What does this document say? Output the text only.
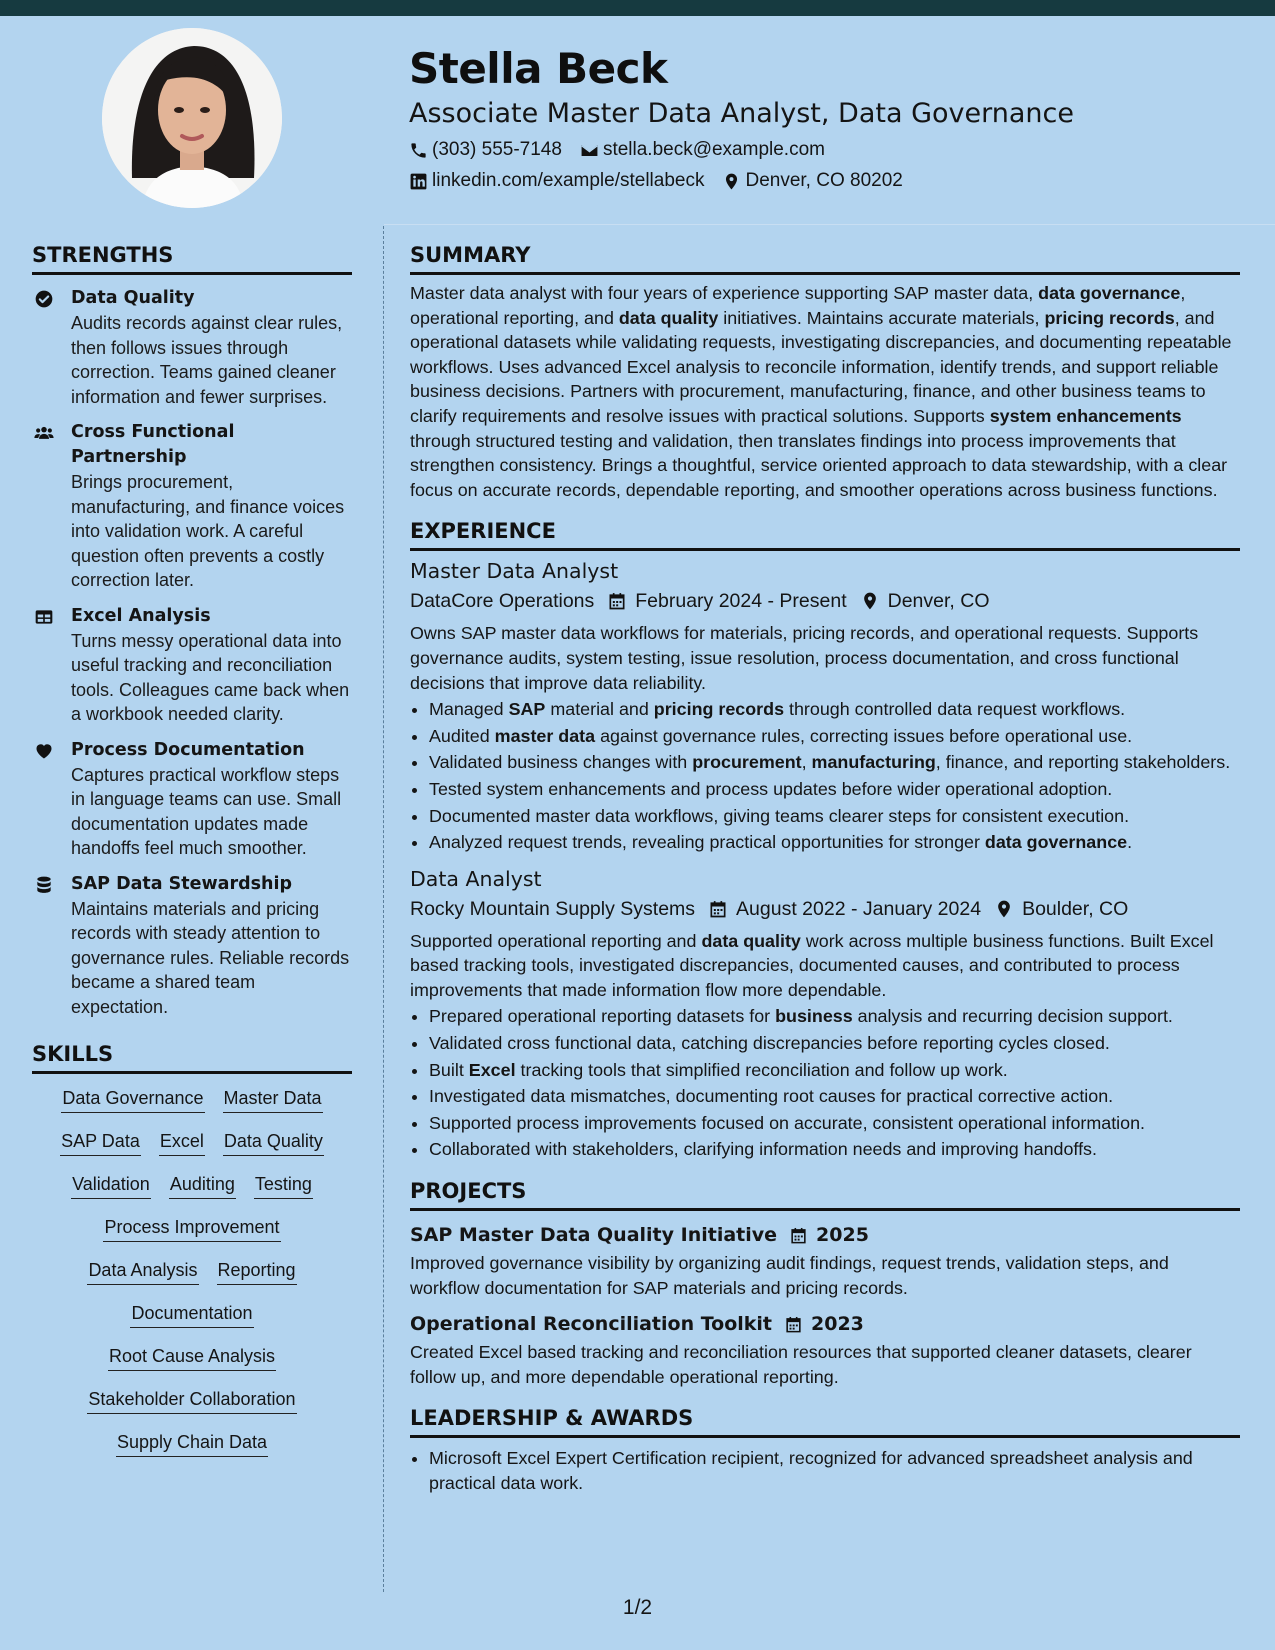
Stella Beck
Associate Master Data Analyst, Data Governance
(303) 555-7148 stella.beck@example.com
linkedin.com/example/stellabeck Denver, CO 80202
STRENGTHS
Data Quality
Audits records against clear rules, then follows issues through correction. Teams gained cleaner information and fewer surprises.
Cross Functional Partnership
Brings procurement, manufacturing, and finance voices into validation work. A careful question often prevents a costly correction later.
Excel Analysis
Turns messy operational data into useful tracking and reconciliation tools. Colleagues came back when a workbook needed clarity.
Process Documentation
Captures practical workflow steps in language teams can use. Small documentation updates made handoffs feel much smoother.
SAP Data Stewardship
Maintains materials and pricing records with steady attention to governance rules. Reliable records became a shared team expectation.
SKILLS
Data Governance Master Data
SAP Data Excel Data Quality
Validation Auditing Testing
Process Improvement
Data Analysis Reporting
Documentation
Root Cause Analysis
Stakeholder Collaboration
Supply Chain Data
SUMMARY
Master data analyst with four years of experience supporting SAP master data, data governance, operational reporting, and data quality initiatives. Maintains accurate materials, pricing records, and operational datasets while validating requests, investigating discrepancies, and documenting repeatable workflows. Uses advanced Excel analysis to reconcile information, identify trends, and support reliable business decisions. Partners with procurement, manufacturing, finance, and other business teams to clarify requirements and resolve issues with practical solutions. Supports system enhancements through structured testing and validation, then translates findings into process improvements that strengthen consistency. Brings a thoughtful, service oriented approach to data stewardship, with a clear focus on accurate records, dependable reporting, and smoother operations across business functions.
EXPERIENCE
Master Data Analyst
DataCore Operations February 2024 - Present Denver, CO
Owns SAP master data workflows for materials, pricing records, and operational requests. Supports governance audits, system testing, issue resolution, process documentation, and cross functional decisions that improve data reliability.
• Managed SAP material and pricing records through controlled data request workflows.
• Audited master data against governance rules, correcting issues before operational use.
• Validated business changes with procurement, manufacturing, finance, and reporting stakeholders.
• Tested system enhancements and process updates before wider operational adoption.
• Documented master data workflows, giving teams clearer steps for consistent execution.
• Analyzed request trends, revealing practical opportunities for stronger data governance.
Data Analyst
Rocky Mountain Supply Systems August 2022 - January 2024 Boulder, CO
Supported operational reporting and data quality work across multiple business functions. Built Excel based tracking tools, investigated discrepancies, documented causes, and contributed to process improvements that made information flow more dependable.
• Prepared operational reporting datasets for business analysis and recurring decision support.
• Validated cross functional data, catching discrepancies before reporting cycles closed.
• Built Excel tracking tools that simplified reconciliation and follow up work.
• Investigated data mismatches, documenting root causes for practical corrective action.
• Supported process improvements focused on accurate, consistent operational information.
• Collaborated with stakeholders, clarifying information needs and improving handoffs.
PROJECTS
SAP Master Data Quality Initiative 2025
Improved governance visibility by organizing audit findings, request trends, validation steps, and workflow documentation for SAP materials and pricing records.
Operational Reconciliation Toolkit 2023
Created Excel based tracking and reconciliation resources that supported cleaner datasets, clearer follow up, and more dependable operational reporting.
LEADERSHIP & AWARDS
• Microsoft Excel Expert Certification recipient, recognized for advanced spreadsheet analysis and practical data work.
1/2
